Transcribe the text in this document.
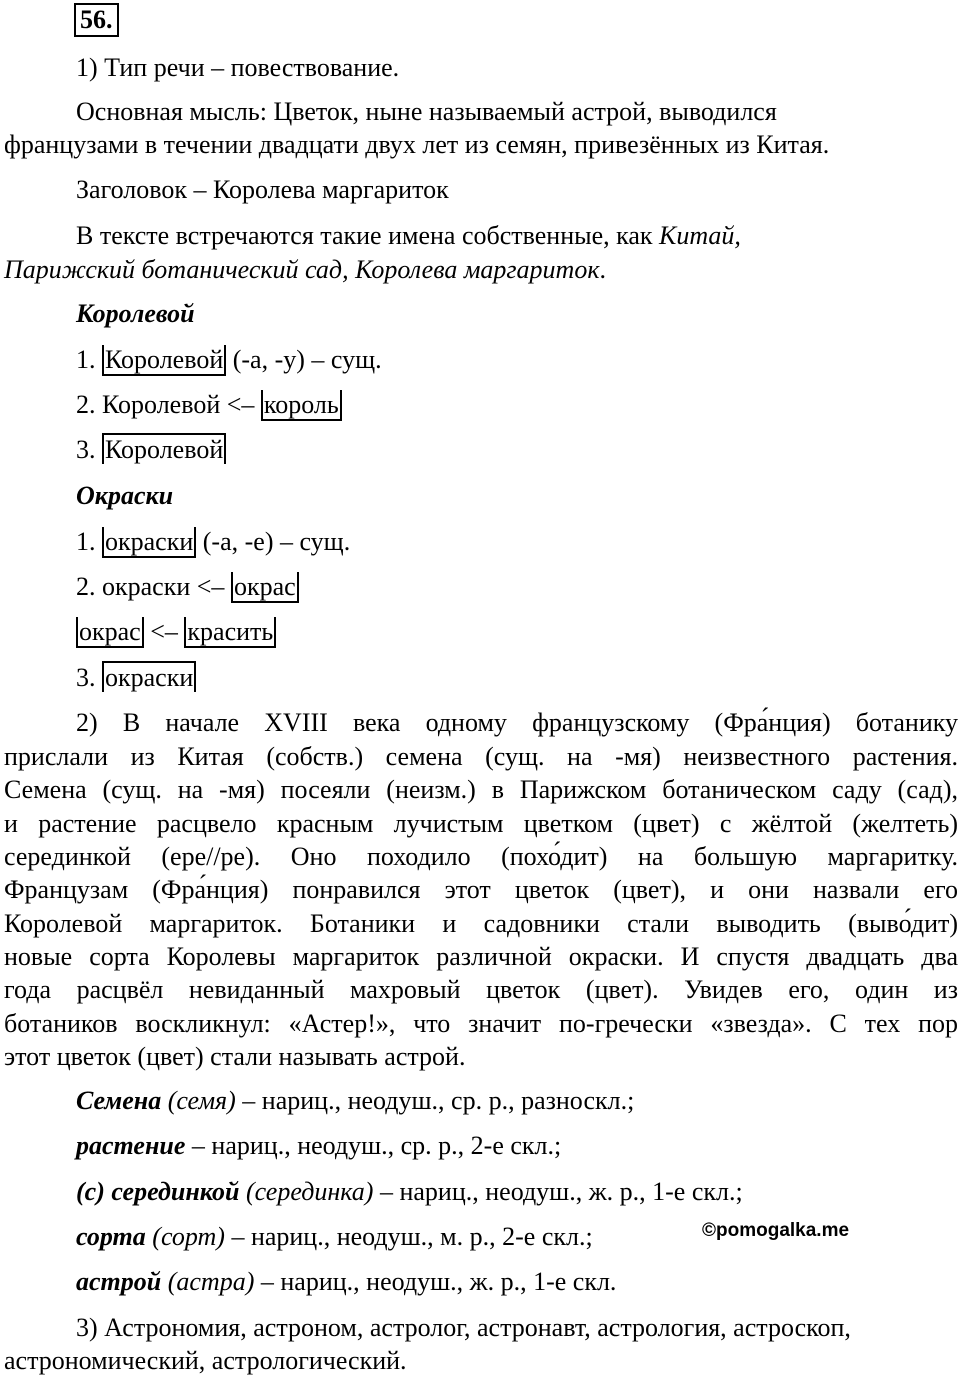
56.
1) Тип речи – повествование.
Основная мысль: Цветок, ныне называемый астрой, выводился
французами в течении двадцати двух лет из семян, привезённых из Китая.
Заголовок – Королева маргариток
В тексте встречаются такие имена собственные, как Китай,
Парижский ботанический сад, Королева маргариток.
Королевой
1. Королевой (-а, -у) – сущ.
2. Королевой <– король
3. Королевой
Окраски
1. окраски (-а, -е) – сущ.
2. окраски <– окрас
окрас <– красить
3. окраски
2) В начале XVIII века одному французскому (Фра́нция) ботанику
прислали из Китая (собств.) семена (сущ. на -мя) неизвестного растения.
Семена (сущ. на -мя) посеяли (неизм.) в Парижском ботаническом саду (сад),
и растение расцвело красным лучистым цветком (цвет) с жёлтой (желтеть)
серединкой (ере//ре). Оно походило (похо́дит) на большую маргаритку.
Французам (Фра́нция) понравился этот цветок (цвет), и они назвали его
Королевой маргариток. Ботаники и садовники стали выводить (выво́дит)
новые сорта Королевы маргариток различной окраски. И спустя двадцать два
года расцвёл невиданный махровый цветок (цвет). Увидев его, один из
ботаников воскликнул: «Астер!», что значит по-гречески «звезда». С тех пор
этот цветок (цвет) стали называть астрой.
Семена (семя) – нариц., неодуш., ср. р., разноскл.;
растение – нариц., неодуш., ср. р., 2-е скл.;
(с) серединкой (серединка) – нариц., неодуш., ж. р., 1-е скл.;
сорта (сорт) – нариц., неодуш., м. р., 2-е скл.;
астрой (астра) – нариц., неодуш., ж. р., 1-е скл.
©pomogalka.me
3) Астрономия, астроном, астролог, астронавт, астрология, астроскоп,
астрономический, астрологический.
